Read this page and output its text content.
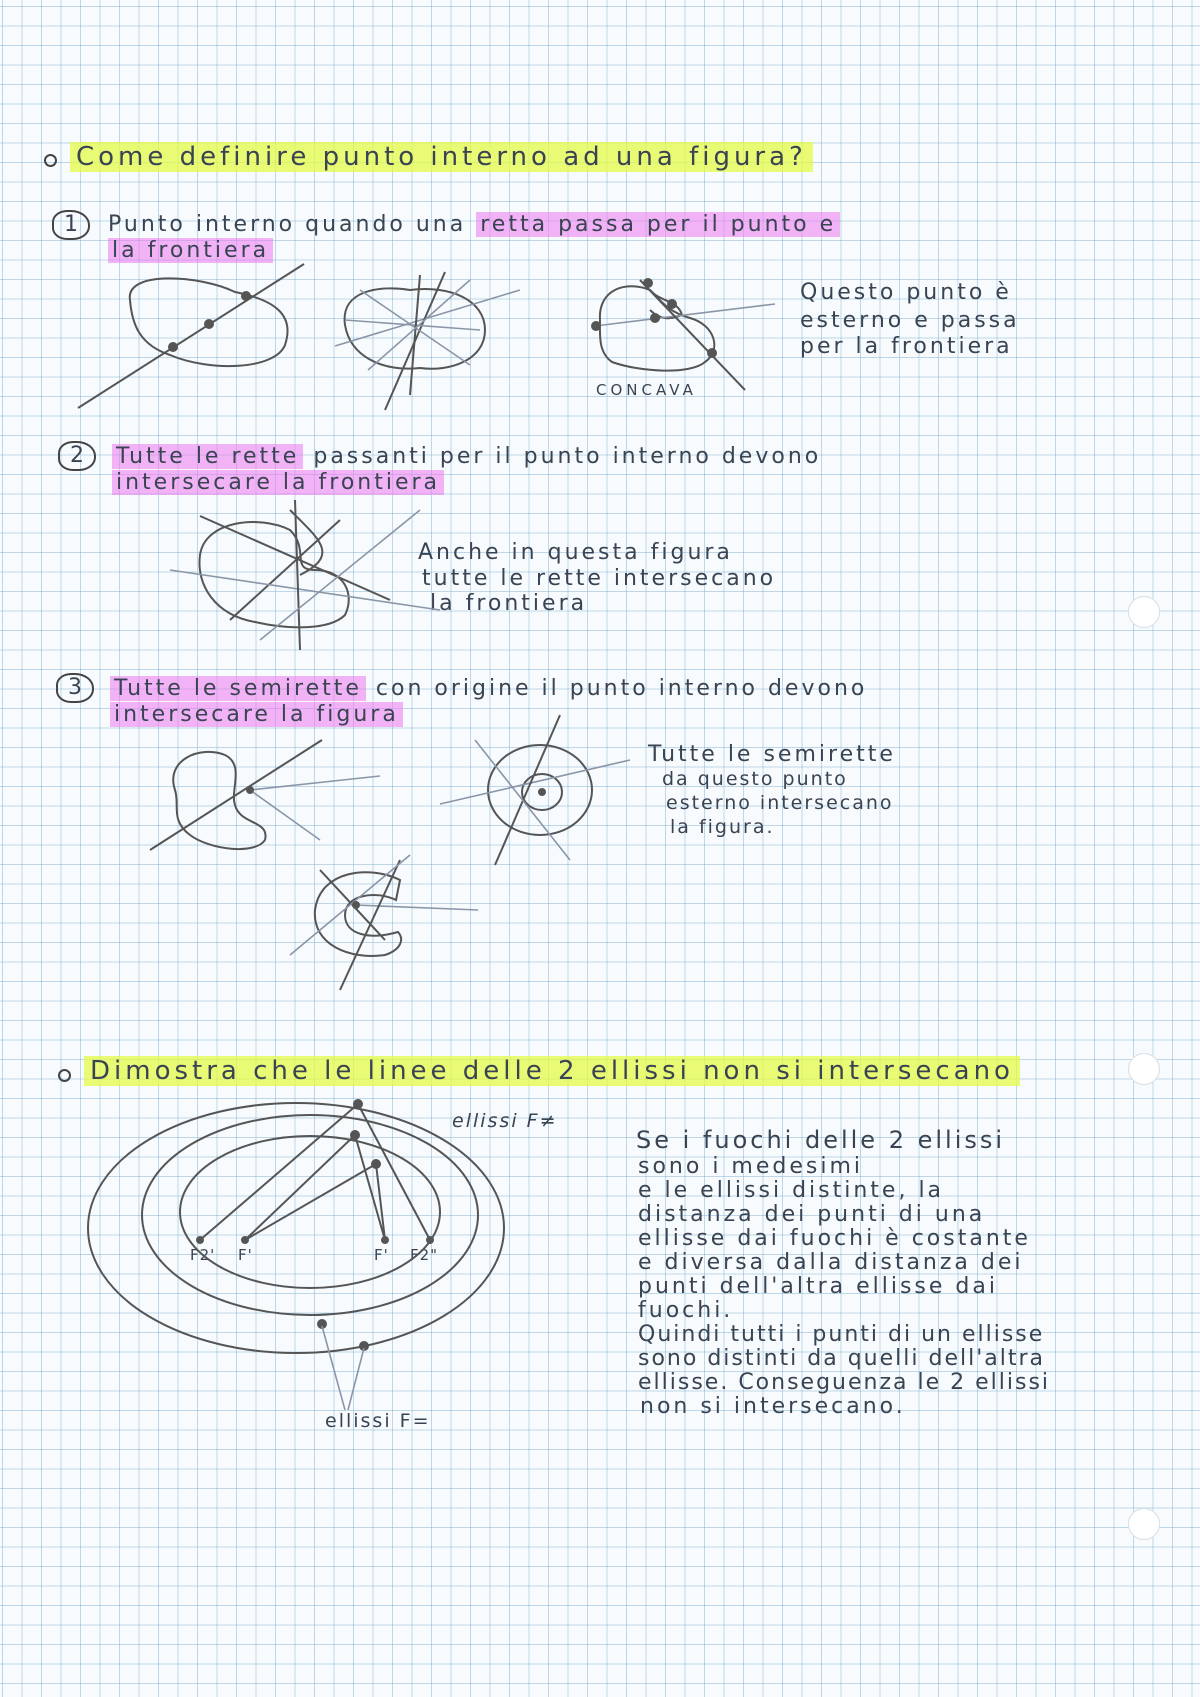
Come definire punto interno ad una figura?
1	Punto interno quando una retta passa per il punto e
la frontiera
CONCAVA
Questo punto è
esterno e passa
per la frontiera
2	Tutte le rette passanti per il punto interno devono
intersecare la frontiera
Anche in questa figura
tutte le rette intersecano
la frontiera
3	Tutte le semirette con origine il punto interno devono
intersecare la figura
Tutte le semirette
da questo punto
esterno intersecano
la figura.
Dimostra che le linee delle 2 ellissi non si intersecano
ellissi F≠
ellissi F=
F2' F'	F' F2"
Se i fuochi delle 2 ellissi
sono i medesimi
e le ellissi distinte, la
distanza dei punti di una
ellisse dai fuochi è costante
e diversa dalla distanza dei
punti dell'altra ellisse dai
fuochi.
Quindi tutti i punti di un ellisse
sono distinti da quelli dell'altra
ellisse. Conseguenza le 2 ellissi
non si intersecano.
